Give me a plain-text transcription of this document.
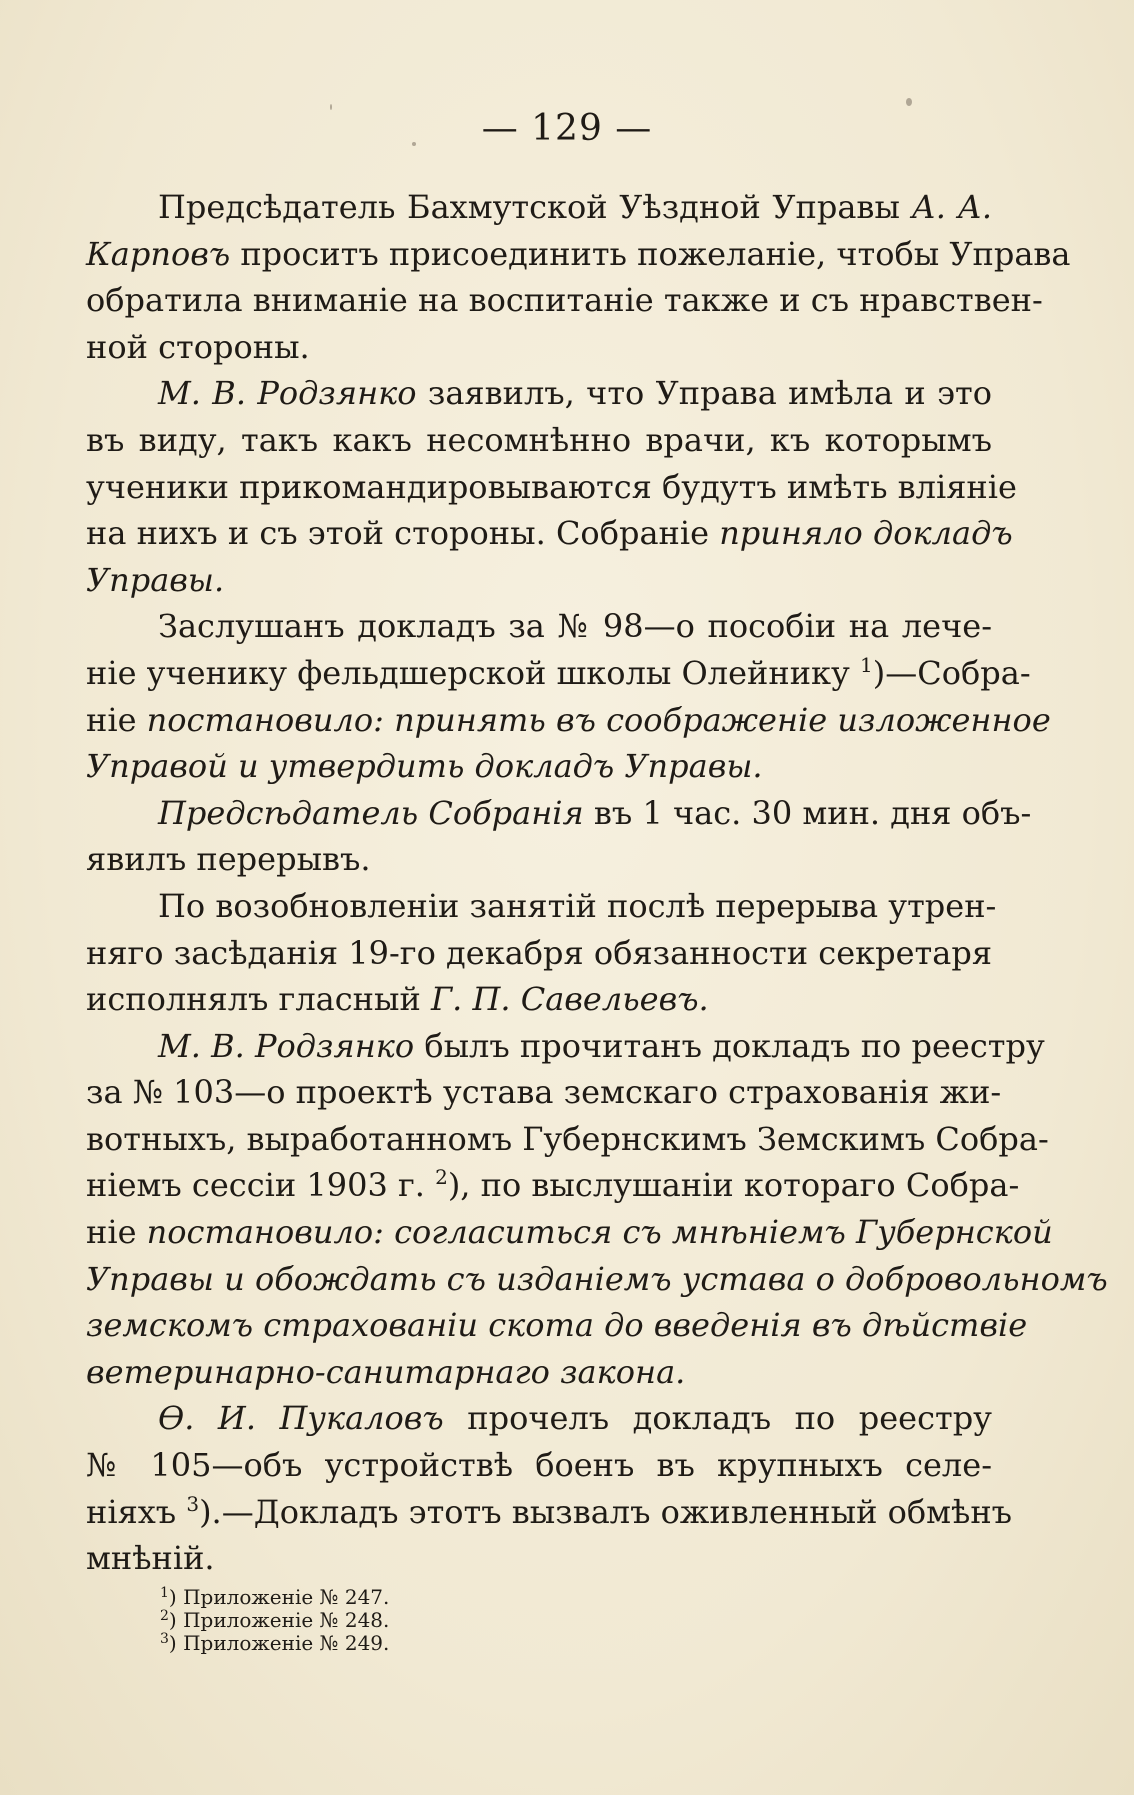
— 129 —
Предсѣдатель Бахмутской Уѣздной Управы А. А.
Карповъ проситъ присоединить пожеланіе, чтобы Управа
обратила вниманіе на воспитаніе также и съ нравствен-
ной стороны.
М. В. Родзянко заявилъ, что Управа имѣла и это
въ виду, такъ какъ несомнѣнно врачи, къ которымъ
ученики прикомандировываются будутъ имѣть вліяніе
на нихъ и съ этой стороны. Собраніе приняло докладъ
Управы.
Заслушанъ докладъ за № 98—о пособіи на лече-
ніе ученику фельдшерской школы Олейнику $^1$)—Собра-
ніе постановило: принять въ соображеніе изложенное
Управой и утвердить докладъ Управы.
Предсѣдатель Собранія въ 1 час. 30 мин. дня объ-
явилъ перерывъ.
По возобновленіи занятій послѣ перерыва утрен-
няго засѣданія 19-го декабря обязанности секретаря
исполнялъ гласный Г. П. Савельевъ.
М. В. Родзянко былъ прочитанъ докладъ по реестру
за № 103—о проектѣ устава земскаго страхованія жи-
вотныхъ, выработанномъ Губернскимъ Земскимъ Собра-
ніемъ сессіи 1903 г. $^2$), по выслушаніи котораго Собра-
ніе постановило: согласиться съ мнѣніемъ Губернской
Управы и обождать съ изданіемъ устава о добровольномъ
земскомъ страхованіи скота до введенія въ дѣйствіе
ветеринарно-санитарнаго закона.
Ѳ. И. Пукаловъ прочелъ докладъ по реестру
№ 105—объ устройствѣ боенъ въ крупныхъ селе-
ніяхъ $^3$).—Докладъ этотъ вызвалъ оживленный обмѣнъ
мнѣній.
$^1$) Приложеніе № 247.
$^2$) Приложеніе № 248.
$^3$) Приложеніе № 249.
